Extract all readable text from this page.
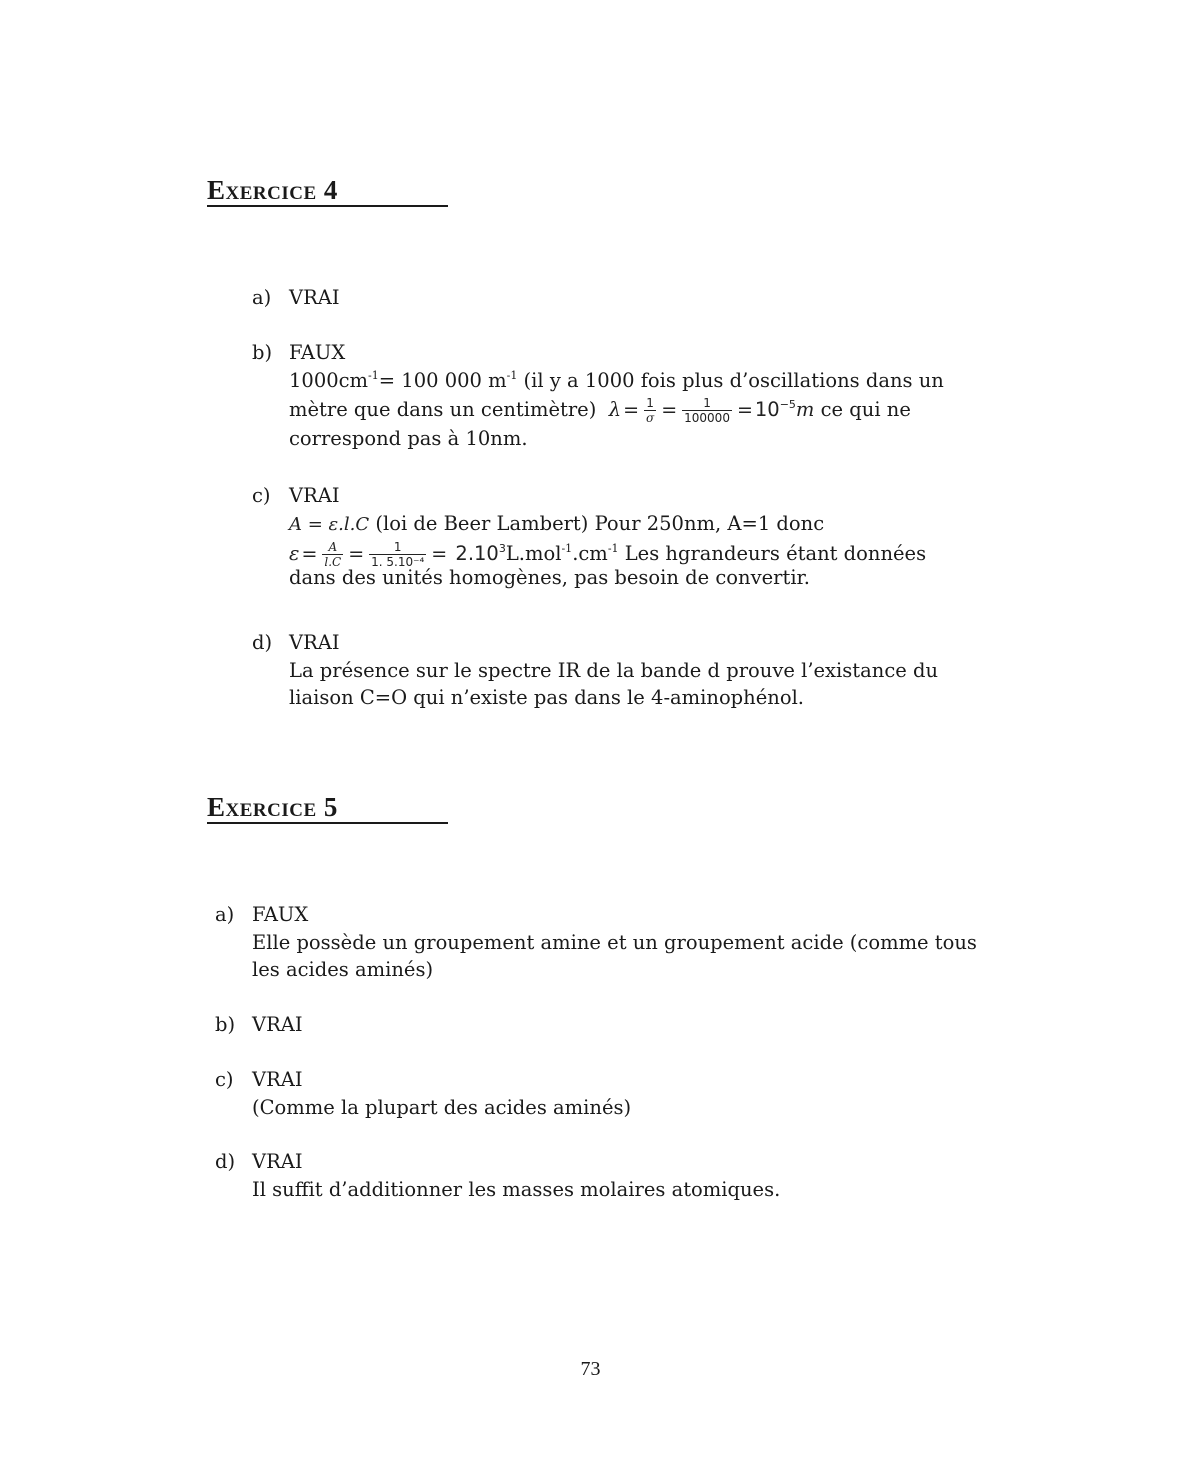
Exercice 4
a) VRAI
b) FAUX
$1000cm^{-1}= 100$ 000 $m^{-1}$ (il y a 1000 fois plus d’oscillations dans un
mètre que dans un centimètre) $\lambda = \frac{1}{\sigma} = \frac{1}{100000} = 10^{-5}m$ ce qui ne
correspond pas à 10nm.
c) VRAI
A = ε.l.C (loi de Beer Lambert) Pour 250nm, A=1 donc
$\varepsilon = \frac{A}{l.C} = \frac{1}{\text{1. 5.10⁻⁴}} = 2.10^3L.mol^{-1}.cm^{-1}$ Les hgrandeurs étant données
dans des unités homogènes, pas besoin de convertir.
d) VRAI
La présence sur le spectre IR de la bande d prouve l’existance du
liaison C=O qui n’existe pas dans le 4-aminophénol.
Exercice 5
a) FAUX
Elle possède un groupement amine et un groupement acide (comme tous
les acides aminés)
b) VRAI
c) VRAI
(Comme la plupart des acides aminés)
d) VRAI
Il suffit d’additionner les masses molaires atomiques.
73
